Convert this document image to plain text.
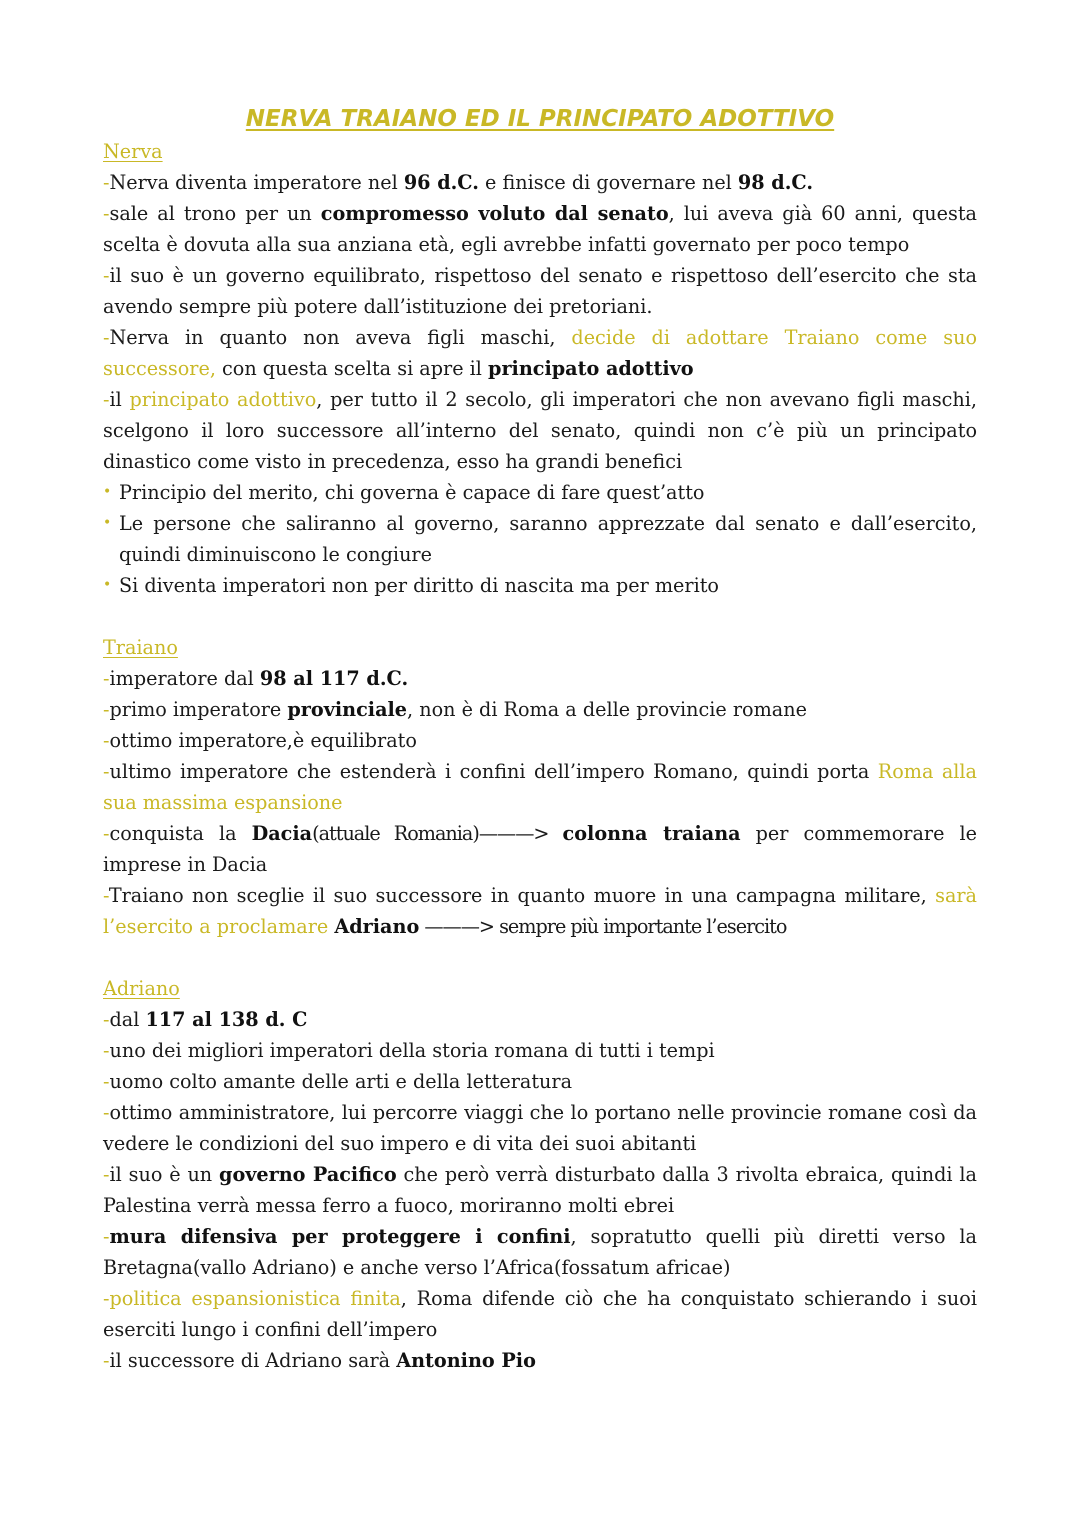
NERVA TRAIANO ED IL PRINCIPATO ADOTTIVO

Nerva

-Nerva diventa imperatore nel 96 d.C. e finisce di governare nel 98 d.C.

-sale al trono per un compromesso voluto dal senato, lui aveva già 60 anni, questa scelta è dovuta alla sua anziana età, egli avrebbe infatti governato per poco tempo

-il suo è un governo equilibrato, rispettoso del senato e rispettoso dell’esercito che sta avendo sempre più potere dall’istituzione dei pretoriani.

-Nerva in quanto non aveva figli maschi, decide di adottare Traiano come suo successore, con questa scelta si apre il principato adottivo

-il principato adottivo, per tutto il 2 secolo, gli imperatori che non avevano figli maschi, scelgono il loro successore all’interno del senato, quindi non c’è più un principato dinastico come visto in precedenza, esso ha grandi benefici

• Principio del merito, chi governa è capace di fare quest’atto

• Le persone che saliranno al governo, saranno apprezzate dal senato e dall’esercito, quindi diminuiscono le congiure

• Si diventa imperatori non per diritto di nascita ma per merito

Traiano

-imperatore dal 98 al 117 d.C.

-primo imperatore provinciale, non è di Roma a delle provincie romane

-ottimo imperatore,è equilibrato

-ultimo imperatore che estenderà i confini dell’impero Romano, quindi porta Roma alla sua massima espansione

-conquista la Dacia(attuale Romania)———> colonna traiana per commemorare le imprese in Dacia

-Traiano non sceglie il suo successore in quanto muore in una campagna militare, sarà l’esercito a proclamare Adriano ———> sempre più importante l’esercito

Adriano

-dal 117 al 138 d. C

-uno dei migliori imperatori della storia romana di tutti i tempi

-uomo colto amante delle arti e della letteratura

-ottimo amministratore, lui percorre viaggi che lo portano nelle provincie romane così da vedere le condizioni del suo impero e di vita dei suoi abitanti

-il suo è un governo Pacifico che però verrà disturbato dalla 3 rivolta ebraica, quindi la Palestina verrà messa ferro a fuoco, moriranno molti ebrei

-mura difensiva per proteggere i confini, sopratutto quelli più diretti verso la Bretagna(vallo Adriano) e anche verso l’Africa(fossatum africae)

-politica espansionistica finita, Roma difende ciò che ha conquistato schierando i suoi eserciti lungo i confini dell’impero

-il successore di Adriano sarà Antonino Pio
